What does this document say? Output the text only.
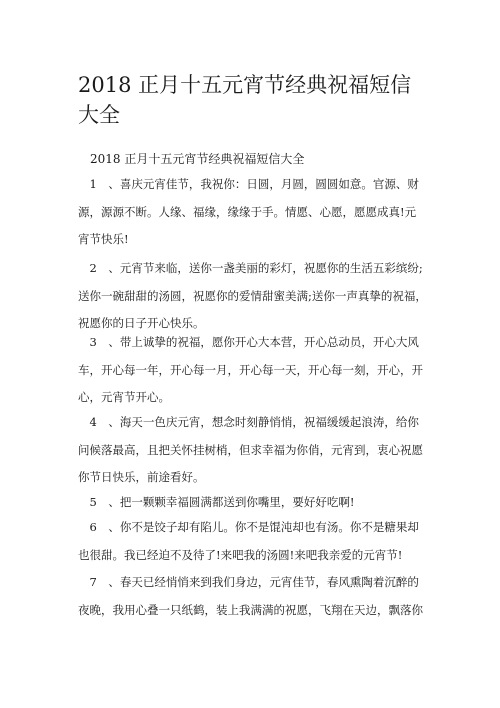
2018 正月十五元宵节经典祝福短信大全

2018 正月十五元宵节经典祝福短信大全

　1　、喜庆元宵佳节，我祝你：日圆，月圆，圆圆如意。官源、财
源，源源不断。人缘、福缘，缘缘于手。情愿、心愿，愿愿成真!元
宵节快乐!

　2　、元宵节来临，送你一盏美丽的彩灯，祝愿你的生活五彩缤纷;
送你一碗甜甜的汤圆，祝愿你的爱情甜蜜美满;送你一声真挚的祝福，
祝愿你的日子开心快乐。

　3　、带上诚挚的祝福，愿你开心大本营，开心总动员，开心大风
车，开心每一年，开心每一月，开心每一天，开心每一刻，开心，开
心，元宵节开心。

　4　、海天一色庆元宵，想念时刻静悄悄，祝福缓缓起浪涛，给你
问候落最高，且把关怀挂树梢，但求幸福为你俏，元宵到，衷心祝愿
你节日快乐，前途看好。

　5　、把一颗颗幸福圆满都送到你嘴里，要好好吃啊!

　6　、你不是饺子却有陷儿。你不是馄沌却也有汤。你不是糖果却
也很甜。我已经迫不及待了!来吧我的汤圆!来吧我亲爱的元宵节!

　7　、春天已经悄悄来到我们身边，元宵佳节，春风熏陶着沉醉的
夜晚，我用心叠一只纸鹤，装上我满满的祝愿，飞翔在天边，飘落你
